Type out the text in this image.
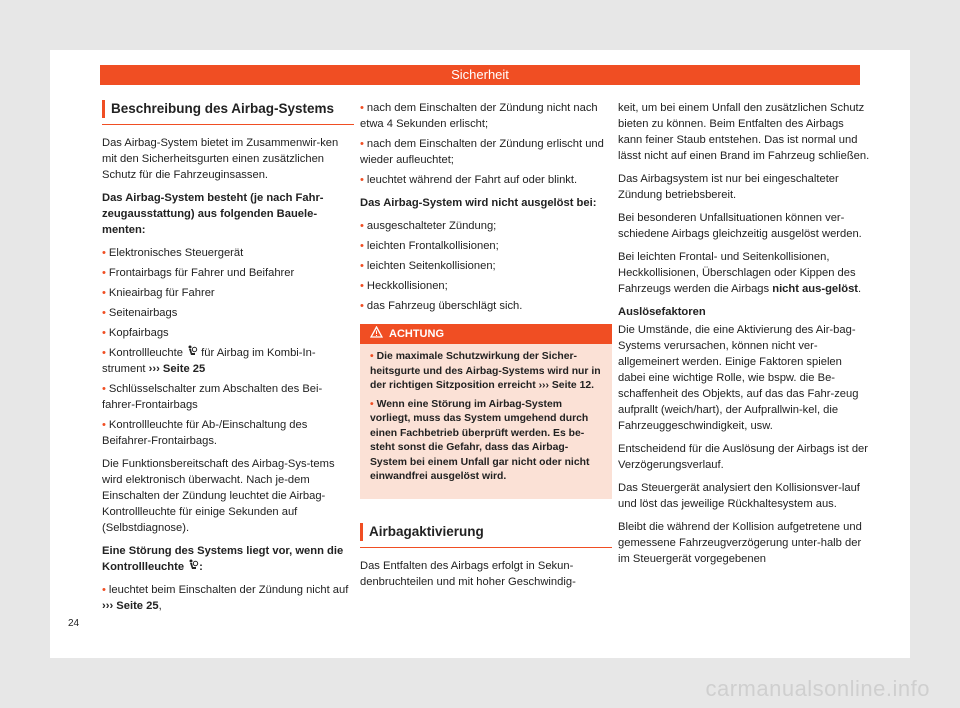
Sicherheit
Beschreibung des Airbag-Systems

Das Airbag-System bietet im Zusammenwir-ken mit den Sicherheitsgurten einen zusätzlichen Schutz für die Fahrzeuginsassen.

Das Airbag-System besteht (je nach Fahr-zeugausstattung) aus folgenden Bauele-menten:

• Elektronisches Steuergerät
• Frontairbags für Fahrer und Beifahrer
• Knieairbag für Fahrer
• Seitenairbags
• Kopfairbags
• Kontrollleuchte für Airbag im Kombi-In-strument ››› Seite 25
• Schlüsselschalter zum Abschalten des Bei-fahrer-Frontairbags
• Kontrollleuchte für Ab-/Einschaltung des Beifahrer-Frontairbags.

Die Funktionsbereitschaft des Airbag-Sys-tems wird elektronisch überwacht. Nach je-dem Einschalten der Zündung leuchtet die Airbag-Kontrollleuchte für einige Sekunden auf (Selbstdiagnose).

Eine Störung des Systems liegt vor, wenn die Kontrollleuchte :

• leuchtet beim Einschalten der Zündung nicht auf ››› Seite 25,
• nach dem Einschalten der Zündung nicht nach etwa 4 Sekunden erlischt;
• nach dem Einschalten der Zündung erlischt und wieder aufleuchtet;
• leuchtet während der Fahrt auf oder blinkt.

Das Airbag-System wird nicht ausgelöst bei:

• ausgeschalteter Zündung;
• leichten Frontalkollisionen;
• leichten Seitenkollisionen;
• Heckkollisionen;
• das Fahrzeug überschlägt sich.
ACHTUNG
• Die maximale Schutzwirkung der Sicher-heitsgurte und des Airbag-Systems wird nur in der richtigen Sitzposition erreicht ››› Seite 12.
• Wenn eine Störung im Airbag-System vorliegt, muss das System umgehend durch einen Fachbetrieb überprüft werden. Es be-steht sonst die Gefahr, dass das Airbag-System bei einem Unfall gar nicht oder nicht einwandfrei ausgelöst wird.
Airbagaktivierung

Das Entfalten des Airbags erfolgt in Sekun-denbruchteilen und mit hoher Geschwindig-

keit, um bei einem Unfall den zusätzlichen Schutz bieten zu können. Beim Entfalten des Airbags kann feiner Staub entstehen. Das ist normal und lässt nicht auf einen Brand im Fahrzeug schließen.

Das Airbagsystem ist nur bei eingeschalteter Zündung betriebsbereit.

Bei besonderen Unfallsituationen können ver-schiedene Airbags gleichzeitig ausgelöst werden.

Bei leichten Frontal- und Seitenkollisionen, Heckkollisionen, Überschlagen oder Kippen des Fahrzeugs werden die Airbags nicht aus-gelöst.

Auslösefaktoren

Die Umstände, die eine Aktivierung des Air-bag-Systems verursachen, können nicht ver-allgemeinert werden. Einige Faktoren spielen dabei eine wichtige Rolle, wie bspw. die Be-schaffenheit des Objekts, auf das das Fahr-zeug aufprallt (weich/hart), der Aufprallwin-kel, die Fahrzeuggeschwindigkeit, usw.

Entscheidend für die Auslösung der Airbags ist der Verzögerungsverlauf.

Das Steuergerät analysiert den Kollisionsver-lauf und löst das jeweilige Rückhaltesystem aus.

Bleibt die während der Kollision aufgetretene und gemessene Fahrzeugverzögerung unter-halb der im Steuergerät vorgegebenen

24
carmanualsonline.info
